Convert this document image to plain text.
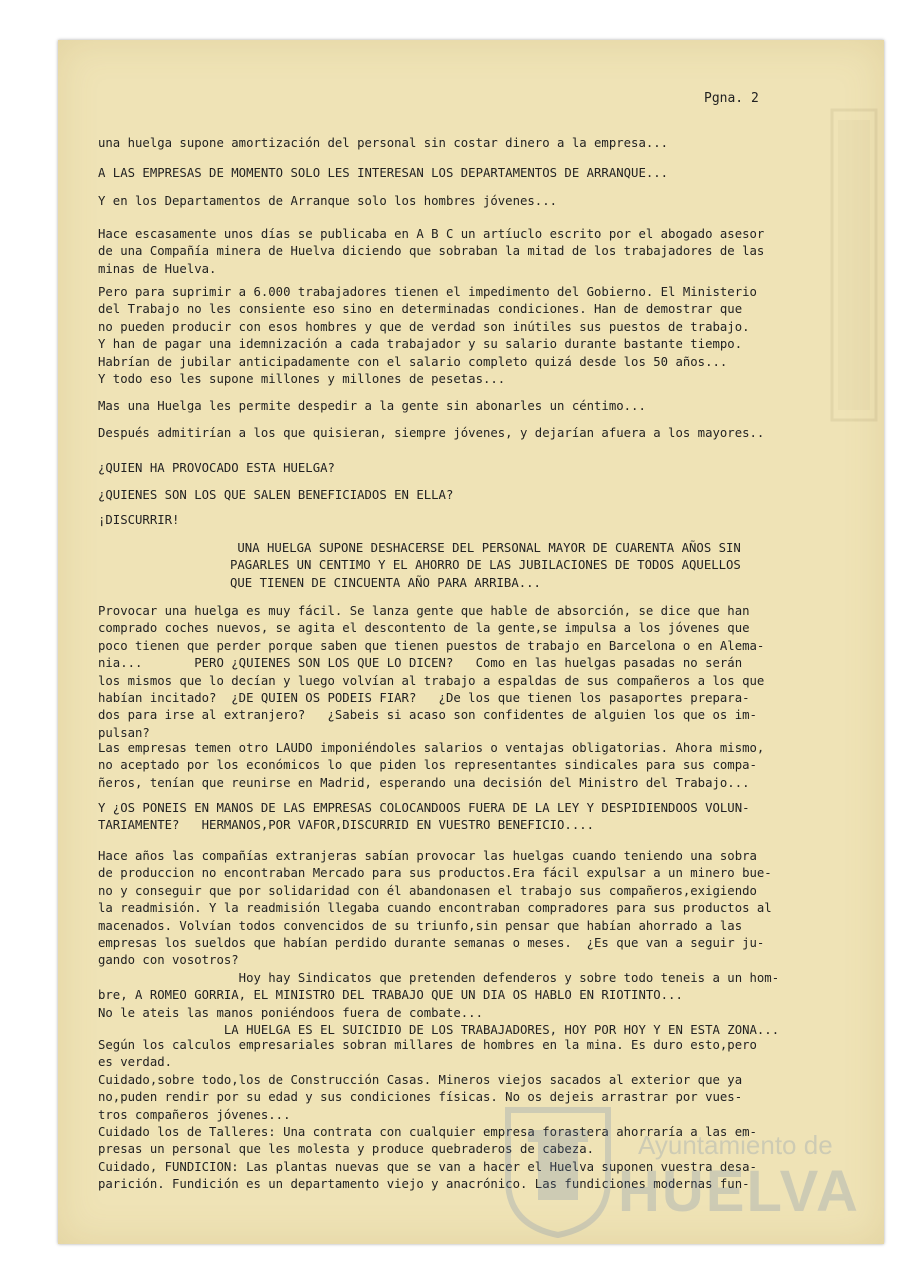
Pgna. 2
una huelga supone amortización del personal sin costar dinero a la empresa...
A LAS EMPRESAS DE MOMENTO SOLO LES INTERESAN LOS DEPARTAMENTOS DE ARRANQUE...
Y en los Departamentos de Arranque solo los hombres jóvenes...
Hace escasamente unos días se publicaba en A B C un artíuclo escrito por el abogado asesor
de una Compañía minera de Huelva diciendo que sobraban la mitad de los trabajadores de las
minas de Huelva.
Pero para suprimir a 6.000 trabajadores tienen el impedimento del Gobierno. El Ministerio
del Trabajo no les consiente eso sino en determinadas condiciones. Han de demostrar que
no pueden producir con esos hombres y que de verdad son inútiles sus puestos de trabajo.
Y han de pagar una idemnización a cada trabajador y su salario durante bastante tiempo.
Habrían de jubilar anticipadamente con el salario completo quizá desde los 50 años...
Y todo eso les supone millones y millones de pesetas...
Mas una Huelga les permite despedir a la gente sin abonarles un céntimo...
Después admitirían a los que quisieran, siempre jóvenes, y dejarían afuera a los mayores..
¿QUIEN HA PROVOCADO ESTA HUELGA?
¿QUIENES SON LOS QUE SALEN BENEFICIADOS EN ELLA?
¡DISCURRIR!
UNA HUELGA SUPONE DESHACERSE DEL PERSONAL MAYOR DE CUARENTA AÑOS SIN
PAGARLES UN CENTIMO Y EL AHORRO DE LAS JUBILACIONES DE TODOS AQUELLOS
QUE TIENEN DE CINCUENTA AÑO PARA ARRIBA...
Provocar una huelga es muy fácil. Se lanza gente que hable de absorción, se dice que han
comprado coches nuevos, se agita el descontento de la gente,se impulsa a los jóvenes que
poco tienen que perder porque saben que tienen puestos de trabajo en Barcelona o en Alema-
nia...       PERO ¿QUIENES SON LOS QUE LO DICEN?   Como en las huelgas pasadas no serán
los mismos que lo decían y luego volvían al trabajo a espaldas de sus compañeros a los que
habían incitado?  ¿DE QUIEN OS PODEIS FIAR?   ¿De los que tienen los pasaportes prepara-
dos para irse al extranjero?   ¿Sabeis si acaso son confidentes de alguien los que os im-
pulsan?
Las empresas temen otro LAUDO imponiéndoles salarios o ventajas obligatorias. Ahora mismo,
no aceptado por los económicos lo que piden los representantes sindicales para sus compa-
ñeros, tenían que reunirse en Madrid, esperando una decisión del Ministro del Trabajo...
Y ¿OS PONEIS EN MANOS DE LAS EMPRESAS COLOCANDOOS FUERA DE LA LEY Y DESPIDIENDOOS VOLUN-
TARIAMENTE?   HERMANOS,POR VAFOR,DISCURRID EN VUESTRO BENEFICIO....
Hace años las compañías extranjeras sabían provocar las huelgas cuando teniendo una sobra
de produccion no encontraban Mercado para sus productos.Era fácil expulsar a un minero bue-
no y conseguir que por solidaridad con él abandonasen el trabajo sus compañeros,exigiendo
la readmisión. Y la readmisión llegaba cuando encontraban compradores para sus productos al
macenados. Volvían todos convencidos de su triunfo,sin pensar que habían ahorrado a las
empresas los sueldos que habían perdido durante semanas o meses.  ¿Es que van a seguir ju-
gando con vosotros?
Hoy hay Sindicatos que pretenden defenderos y sobre todo teneis a un hom-
bre, A ROMEO GORRIA, EL MINISTRO DEL TRABAJO QUE UN DIA OS HABLO EN RIOTINTO...
No le ateis las manos poniéndoos fuera de combate...
LA HUELGA ES EL SUICIDIO DE LOS TRABAJADORES, HOY POR HOY Y EN ESTA ZONA...
Según los calculos empresariales sobran millares de hombres en la mina. Es duro esto,pero
es verdad.
Cuidado,sobre todo,los de Construcción Casas. Mineros viejos sacados al exterior que ya
no,puden rendir por su edad y sus condiciones físicas. No os dejeis arrastrar por vues-
tros compañeros jóvenes...
Cuidado los de Talleres: Una contrata con cualquier empresa forastera ahorraría a las em-
presas un personal que les molesta y produce quebraderos de cabeza.
Cuidado, FUNDICION: Las plantas nuevas que se van a hacer el Huelva suponen vuestra desa-
parición. Fundición es un departamento viejo y anacrónico. Las fundiciones modernas fun-
Ayuntamiento de
HUELVA
